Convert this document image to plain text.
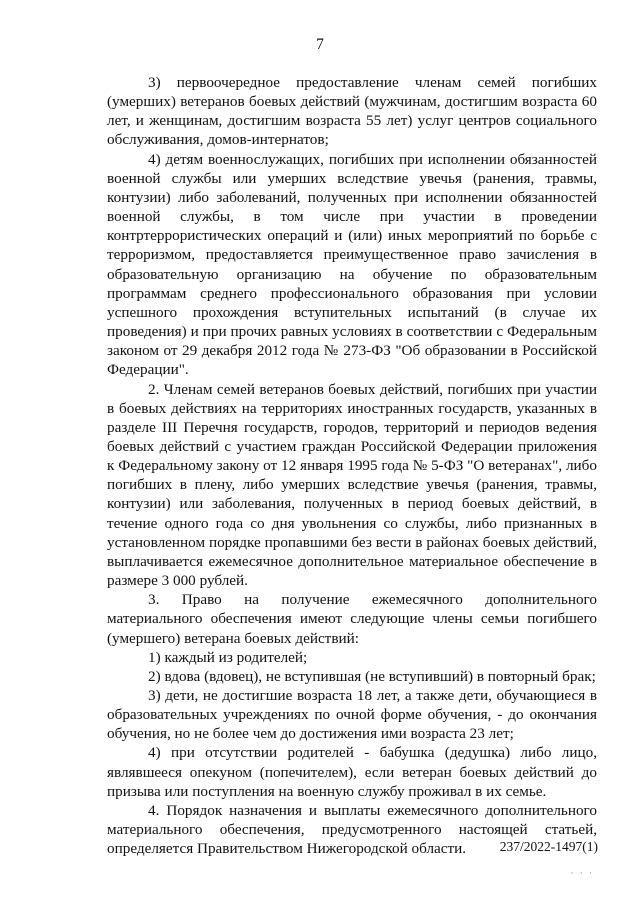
7

3) первоочередное предоставление членам семей погибших (умерших) ветеранов боевых действий (мужчинам, достигшим возраста 60 лет, и женщинам, достигшим возраста 55 лет) услуг центров социального обслуживания, домов-интернатов;

4) детям военнослужащих, погибших при исполнении обязанностей военной службы или умерших вследствие увечья (ранения, травмы, контузии) либо заболеваний, полученных при исполнении обязанностей военной службы, в том числе при участии в проведении контртеррористических операций и (или) иных мероприятий по борьбе с терроризмом, предоставляется преимущественное право зачисления в образовательную организацию на обучение по образовательным программам среднего профессионального образования при условии успешного прохождения вступительных испытаний (в случае их проведения) и при прочих равных условиях в соответствии с Федеральным законом от 29 декабря 2012 года № 273-ФЗ "Об образовании в Российской Федерации".

2. Членам семей ветеранов боевых действий, погибших при участии в боевых действиях на территориях иностранных государств, указанных в разделе III Перечня государств, городов, территорий и периодов ведения боевых действий с участием граждан Российской Федерации приложения к Федеральному закону от 12 января 1995 года № 5-ФЗ "О ветеранах", либо погибших в плену, либо умерших вследствие увечья (ранения, травмы, контузии) или заболевания, полученных в период боевых действий, в течение одного года со дня увольнения со службы, либо признанных в установленном порядке пропавшими без вести в районах боевых действий, выплачивается ежемесячное дополнительное материальное обеспечение в размере 3 000 рублей.

3. Право на получение ежемесячного дополнительного материального обеспечения имеют следующие члены семьи погибшего (умершего) ветерана боевых действий:

1) каждый из родителей;

2) вдова (вдовец), не вступившая (не вступивший) в повторный брак;

3) дети, не достигшие возраста 18 лет, а также дети, обучающиеся в образовательных учреждениях по очной форме обучения, - до окончания обучения, но не более чем до достижения ими возраста 23 лет;

4) при отсутствии родителей - бабушка (дедушка) либо лицо, являвшееся опекуном (попечителем), если ветеран боевых действий до призыва или поступления на военную службу проживал в их семье.

4. Порядок назначения и выплаты ежемесячного дополнительного материального обеспечения, предусмотренного настоящей статьей, определяется Правительством Нижегородской области.	237/2022-1497(1)
· · ·
